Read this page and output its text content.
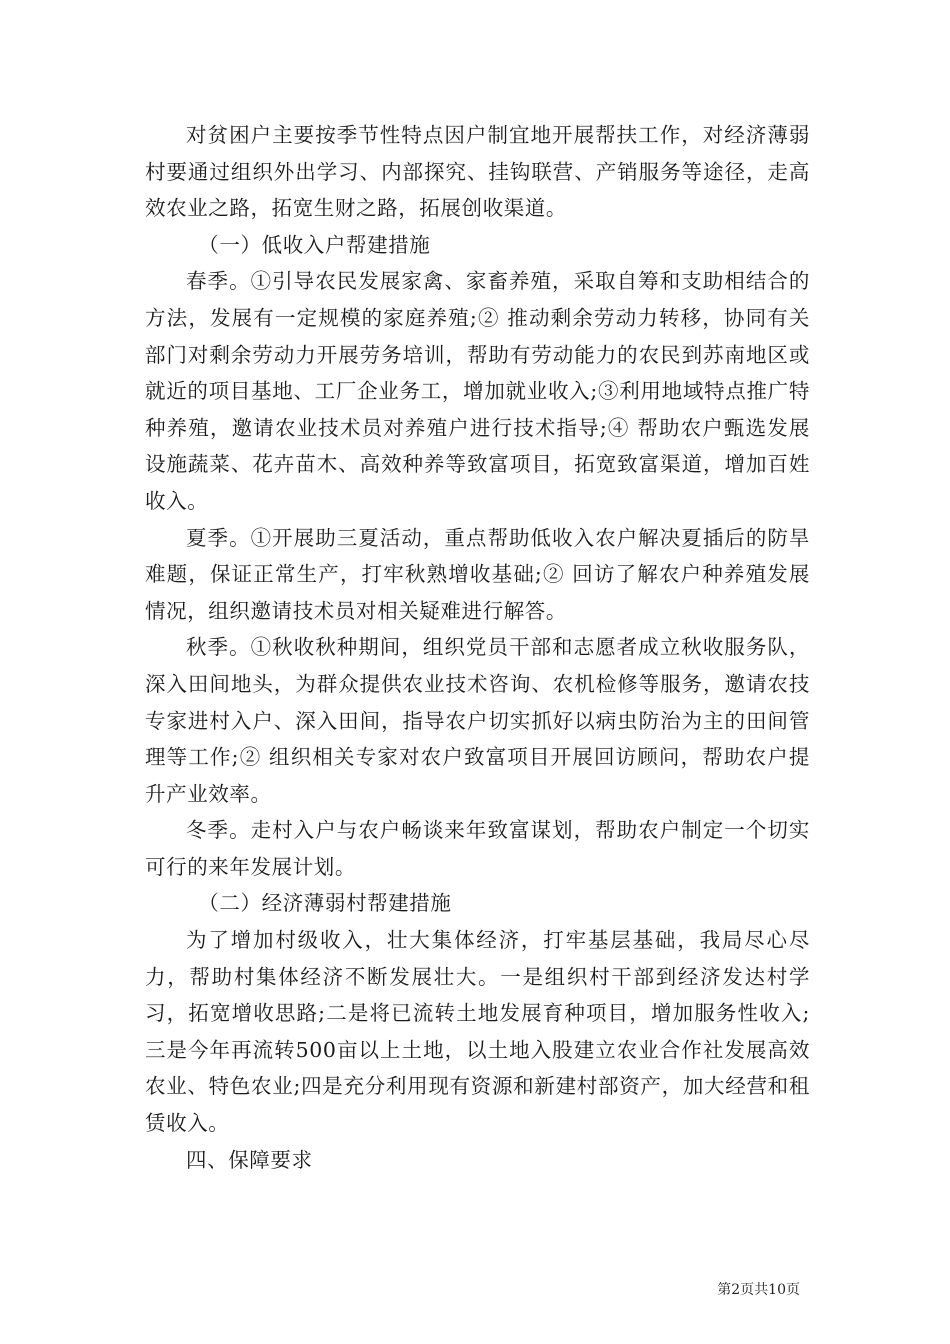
对贫困户主要按季节性特点因户制宜地开展帮扶工作，对经济薄弱村要通过组织外出学习、内部探究、挂钩联营、产销服务等途径，走高效农业之路，拓宽生财之路，拓展创收渠道。

（一）低收入户帮建措施

春季。①引导农民发展家禽、家畜养殖，采取自筹和支助相结合的方法，发展有一定规模的家庭养殖;② 推动剩余劳动力转移，协同有关部门对剩余劳动力开展劳务培训，帮助有劳动能力的农民到苏南地区或就近的项目基地、工厂企业务工，增加就业收入;③利用地域特点推广特种养殖，邀请农业技术员对养殖户进行技术指导;④ 帮助农户甄选发展设施蔬菜、花卉苗木、高效种养等致富项目，拓宽致富渠道，增加百姓收入。

夏季。①开展助三夏活动，重点帮助低收入农户解决夏插后的防旱难题，保证正常生产，打牢秋熟增收基础;② 回访了解农户种养殖发展情况，组织邀请技术员对相关疑难进行解答。

秋季。①秋收秋种期间，组织党员干部和志愿者成立秋收服务队，深入田间地头，为群众提供农业技术咨询、农机检修等服务，邀请农技专家进村入户、深入田间，指导农户切实抓好以病虫防治为主的田间管理等工作;② 组织相关专家对农户致富项目开展回访顾问，帮助农户提升产业效率。

冬季。走村入户与农户畅谈来年致富谋划，帮助农户制定一个切实可行的来年发展计划。

（二）经济薄弱村帮建措施

为了增加村级收入，壮大集体经济，打牢基层基础，我局尽心尽力，帮助村集体经济不断发展壮大。一是组织村干部到经济发达村学习，拓宽增收思路;二是将已流转土地发展育种项目，增加服务性收入;三是今年再流转500亩以上土地，以土地入股建立农业合作社发展高效农业、特色农业;四是充分利用现有资源和新建村部资产，加大经营和租赁收入。

四、保障要求

第2页共10页
